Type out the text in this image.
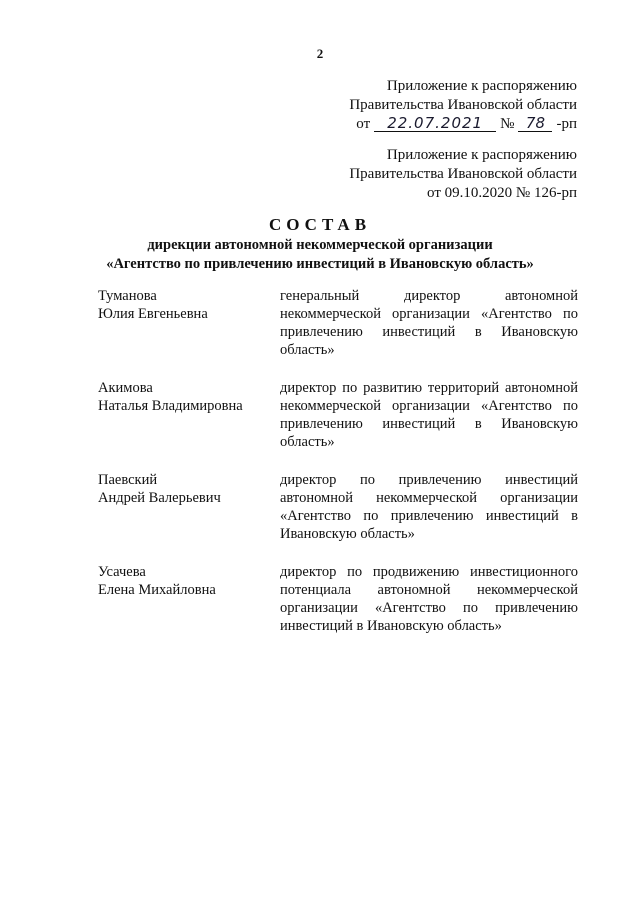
2
Приложение к распоряжению
Правительства Ивановской области
от	22.07.2021	№ 78 -рп
Приложение к распоряжению
Правительства Ивановской области
от 09.10.2020 № 126-рп
СОСТАВ
дирекции автономной некоммерческой организации
«Агентство по привлечению инвестиций в Ивановскую область»
Туманова
Юлия Евгеньевна
генеральный директор автономной некоммерческой организации «Агентство по привлечению инвестиций в Ивановскую область»
Акимова
Наталья Владимировна
директор по развитию территорий автономной некоммерческой организации «Агентство по привлечению инвестиций в Ивановскую область»
Паевский
Андрей Валерьевич
директор по привлечению инвестиций автономной некоммерческой организации «Агентство по привлечению инвестиций в Ивановскую область»
Усачева
Елена Михайловна
директор по продвижению инвестиционного потенциала автономной некоммерческой организации «Агентство по привлечению инвестиций в Ивановскую область»
